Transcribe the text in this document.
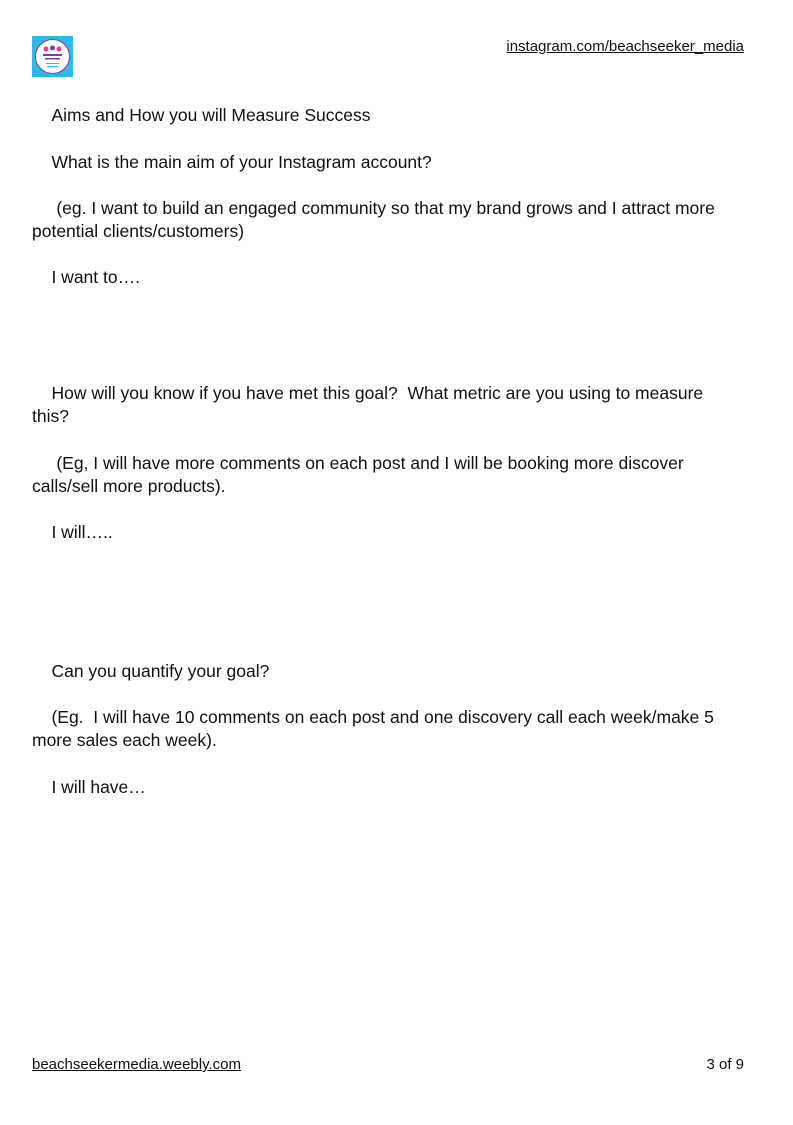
instagram.com/beachseeker_media
Aims and How you will Measure Success
What is the main aim of your Instagram account?
(eg. I want to build an engaged community so that my brand grows and I attract more potential clients/customers)
I want to….
How will you know if you have met this goal?  What metric are you using to measure this?
(Eg, I will have more comments on each post and I will be booking more discover calls/sell more products).
I will…..
Can you quantify your goal?
(Eg.  I will have 10 comments on each post and one discovery call each week/make 5 more sales each week).
I will have…
beachseekermedia.weebly.com	3 of 9
